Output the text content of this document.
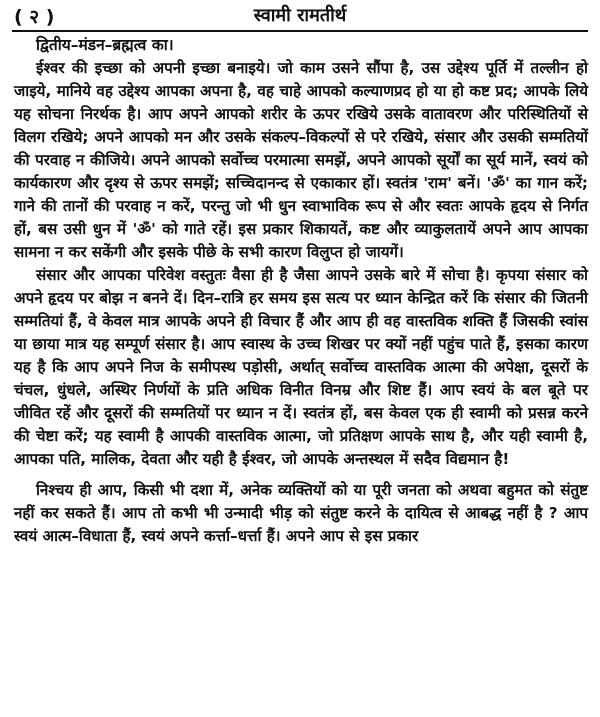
( २ )	स्वामी रामतीर्थ

द्वितीय–मंडन–ब्रह्मत्व का।

ईश्वर की इच्छा को अपनी इच्छा बनाइये। जो काम उसने सौंपा है, उस उद्देश्य पूर्ति में तल्लीन हो जाइये, मानिये वह उद्देश्य आपका अपना है, वह चाहे आपको कल्याणप्रद हो या हो कष्ट प्रद; आपके लिये यह सोचना निरर्थक है। आप अपने आपको शरीर के ऊपर रखिये उसके वातावरण और परिस्थितियों से विलग रखिये; अपने आपको मन और उसके संकल्प–विकल्पों से परे रखिये, संसार और उसकी सम्मतियों की परवाह न कीजिये। अपने आपको सर्वोच्च परमात्मा समझें, अपने आपको सूर्यों का सूर्य मानें, स्वयं को कार्यकारण और दृश्य से ऊपर समझें; सच्चिदानन्द से एकाकार हों। स्वतंत्र 'राम' बनें। 'ॐ' का गान करें; गाने की तानों की परवाह न करें, परन्तु जो भी धुन स्वाभाविक रूप से और स्वतः आपके हृदय से निर्गत हों, बस उसी धुन में 'ॐ' को गाते रहें। इस प्रकार शिकायतें, कष्ट और व्याकुलतायें अपने आप आपका सामना न कर सकेंगी और इसके पीछे के सभी कारण विलुप्त हो जायगें।

संसार और आपका परिवेश वस्तुतः वैसा ही है जैसा आपने उसके बारे में सोचा है। कृपया संसार को अपने हृदय पर बोझ न बनने दें। दिन–रात्रि हर समय इस सत्य पर ध्यान केन्द्रित करें कि संसार की जितनी सम्मतियां हैं, वे केवल मात्र आपके अपने ही विचार हैं और आप ही वह वास्तविक शक्ति हैं जिसकी स्वांस या छाया मात्र यह सम्पूर्ण संसार है। आप स्वास्थ के उच्च शिखर पर क्यों नहीं पहुंच पाते हैं, इसका कारण यह है कि आप अपने निज के समीपस्थ पड़ोसी, अर्थात् सर्वोच्च वास्तविक आत्मा की अपेक्षा, दूसरों के चंचल, धुंधले, अस्थिर निर्णयों के प्रति अधिक विनीत विनम्र और शिष्ट हैं। आप स्वयं के बल बूते पर जीवित रहें और दूसरों की सम्मतियों पर ध्यान न दें। स्वतंत्र हों, बस केवल एक ही स्वामी को प्रसन्न करने की चेष्टा करें; यह स्वामी है आपकी वास्तविक आत्मा, जो प्रतिक्षण आपके साथ है, और यही स्वामी है, आपका पति, मालिक, देवता और यही है ईश्वर, जो आपके अन्तस्थल में सदैव विद्यमान है!

निश्चय ही आप, किसी भी दशा में, अनेक व्यक्तियों को या पूरी जनता को अथवा बहुमत को संतुष्ट नहीं कर सकते हैं। आप तो कभी भी उन्मादी भीड़ को संतुष्ट करने के दायित्व से आबद्ध नहीं है ? आप स्वयं आत्म–विधाता हैं, स्वयं अपने कर्त्ता–धर्त्ता हैं। अपने आप से इस प्रकार
